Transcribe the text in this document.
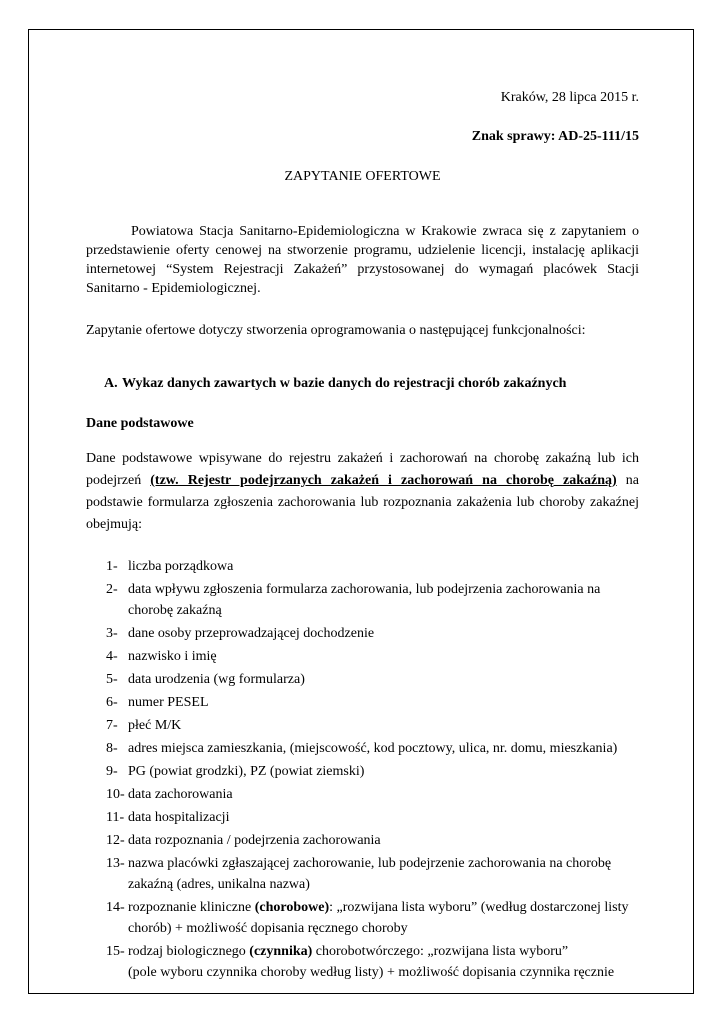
Kraków, 28 lipca 2015 r.
Znak sprawy: AD-25-111/15
ZAPYTANIE OFERTOWE
Powiatowa Stacja Sanitarno-Epidemiologiczna w Krakowie zwraca się z zapytaniem o przedstawienie oferty cenowej na stworzenie programu, udzielenie licencji, instalację aplikacji internetowej “System Rejestracji Zakażeń” przystosowanej do wymagań placówek Stacji Sanitarno - Epidemiologicznej.
Zapytanie ofertowe dotyczy stworzenia oprogramowania o następującej funkcjonalności:
A. Wykaz danych zawartych w bazie danych do rejestracji chorób zakaźnych
Dane podstawowe
Dane podstawowe wpisywane do rejestru zakażeń i zachorowań na chorobę zakaźną lub ich podejrzeń (tzw. Rejestr podejrzanych zakażeń i zachorowań na chorobę zakaźną) na podstawie formularza zgłoszenia zachorowania lub rozpoznania zakażenia lub choroby zakaźnej obejmują:
1- liczba porządkowa
2- data wpływu zgłoszenia formularza zachorowania, lub podejrzenia zachorowania na chorobę zakaźną
3- dane osoby przeprowadzającej dochodzenie
4- nazwisko i imię
5- data urodzenia (wg formularza)
6- numer PESEL
7- płeć M/K
8- adres miejsca zamieszkania, (miejscowość, kod pocztowy, ulica, nr. domu, mieszkania)
9- PG (powiat grodzki), PZ (powiat ziemski)
10- data zachorowania
11- data hospitalizacji
12- data rozpoznania / podejrzenia zachorowania
13- nazwa placówki zgłaszającej zachorowanie, lub podejrzenie zachorowania na chorobę zakaźną (adres, unikalna nazwa)
14- rozpoznanie kliniczne (chorobowe): „rozwijana lista wyboru” (według dostarczonej listy chorób) + możliwość dopisania ręcznego choroby
15- rodzaj biologicznego (czynnika) chorobotwórczego: „rozwijana lista wyboru”
(pole wyboru czynnika choroby według listy) + możliwość dopisania czynnika ręcznie
